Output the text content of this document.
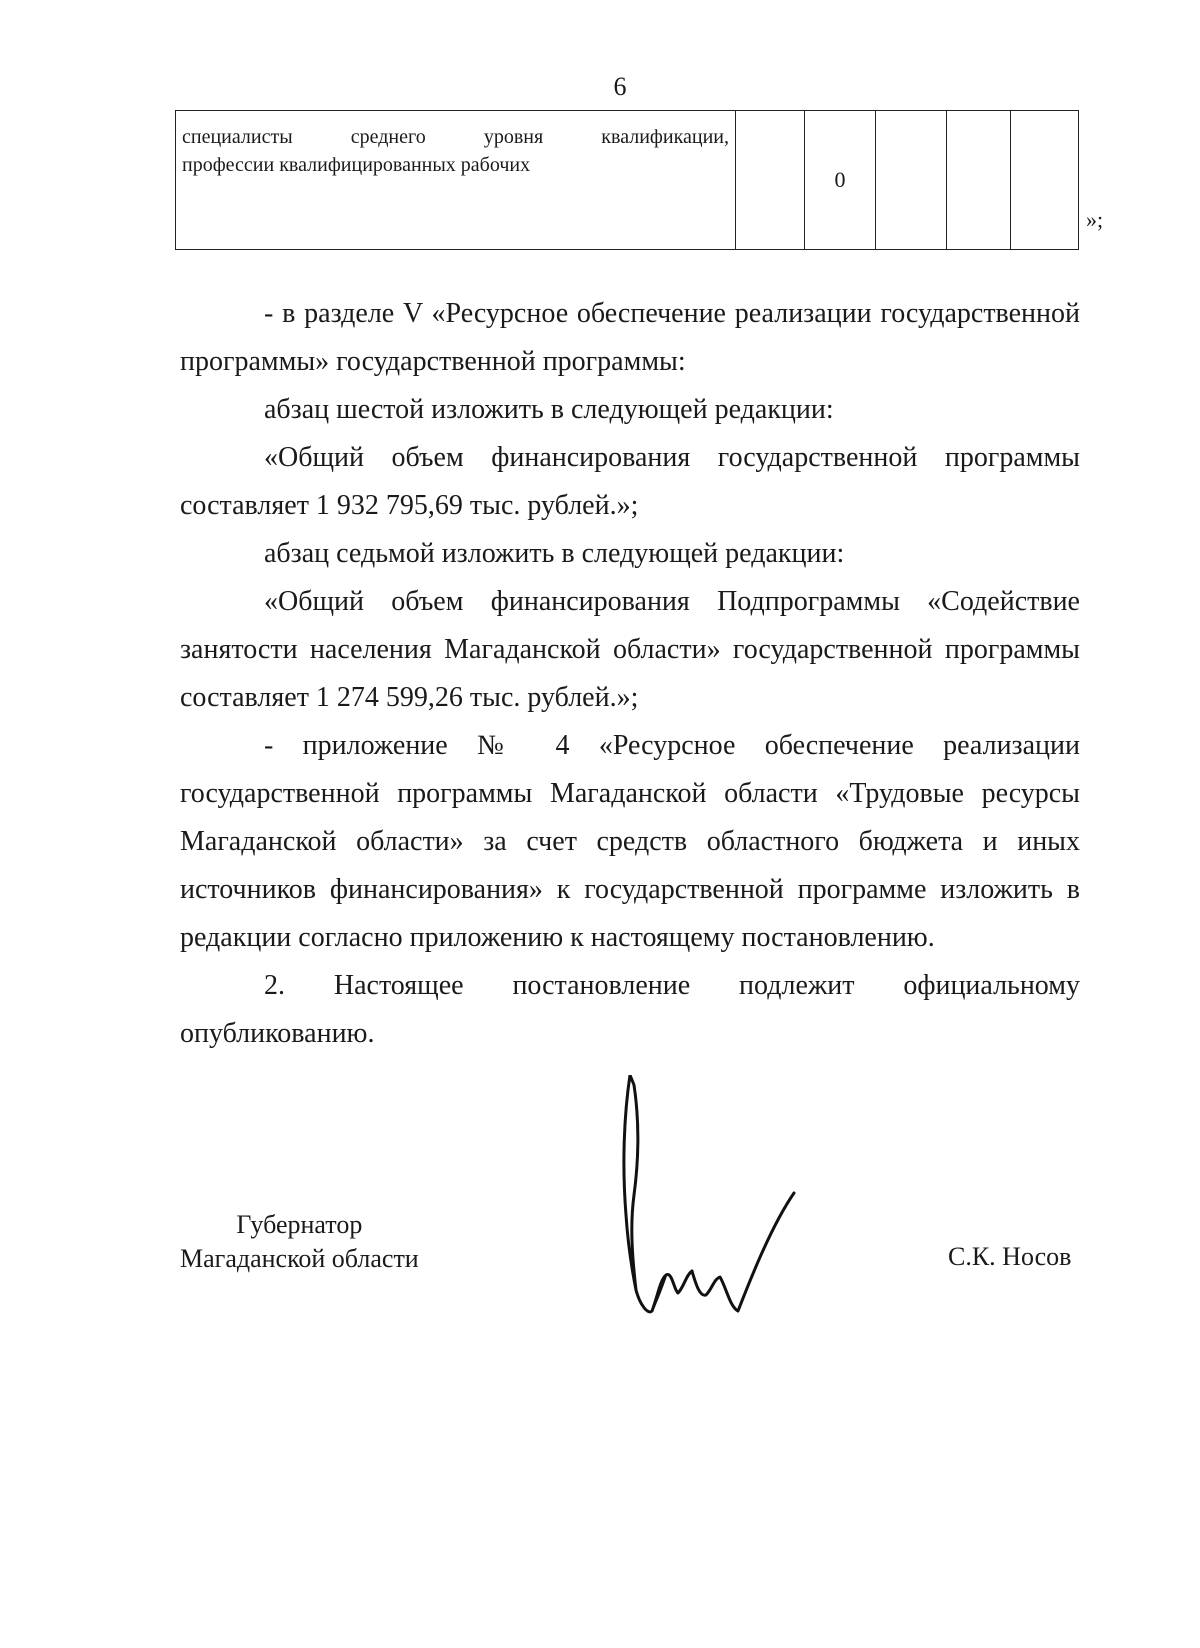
6
специалисты среднего уровня квалификации,
профессии квалифицированных рабочих		0			
»;

- в разделе V «Ресурсное обеспечение реализации государственной программы» государственной программы:

абзац шестой изложить в следующей редакции:

«Общий объем финансирования государственной программы составляет 1 932 795,69 тыс. рублей.»;

абзац седьмой изложить в следующей редакции:

«Общий объем финансирования Подпрограммы «Содействие занятости населения Магаданской области» государственной программы составляет 1 274 599,26 тыс. рублей.»;

- приложение № 4 «Ресурсное обеспечение реализации государственной программы Магаданской области «Трудовые ресурсы Магаданской области» за счет средств областного бюджета и иных источников финансирования» к государственной программе изложить в редакции согласно приложению к настоящему постановлению.

2. Настоящее постановление подлежит официальному опубликованию.

Губернатор
Магаданской области	С.К. Носов
